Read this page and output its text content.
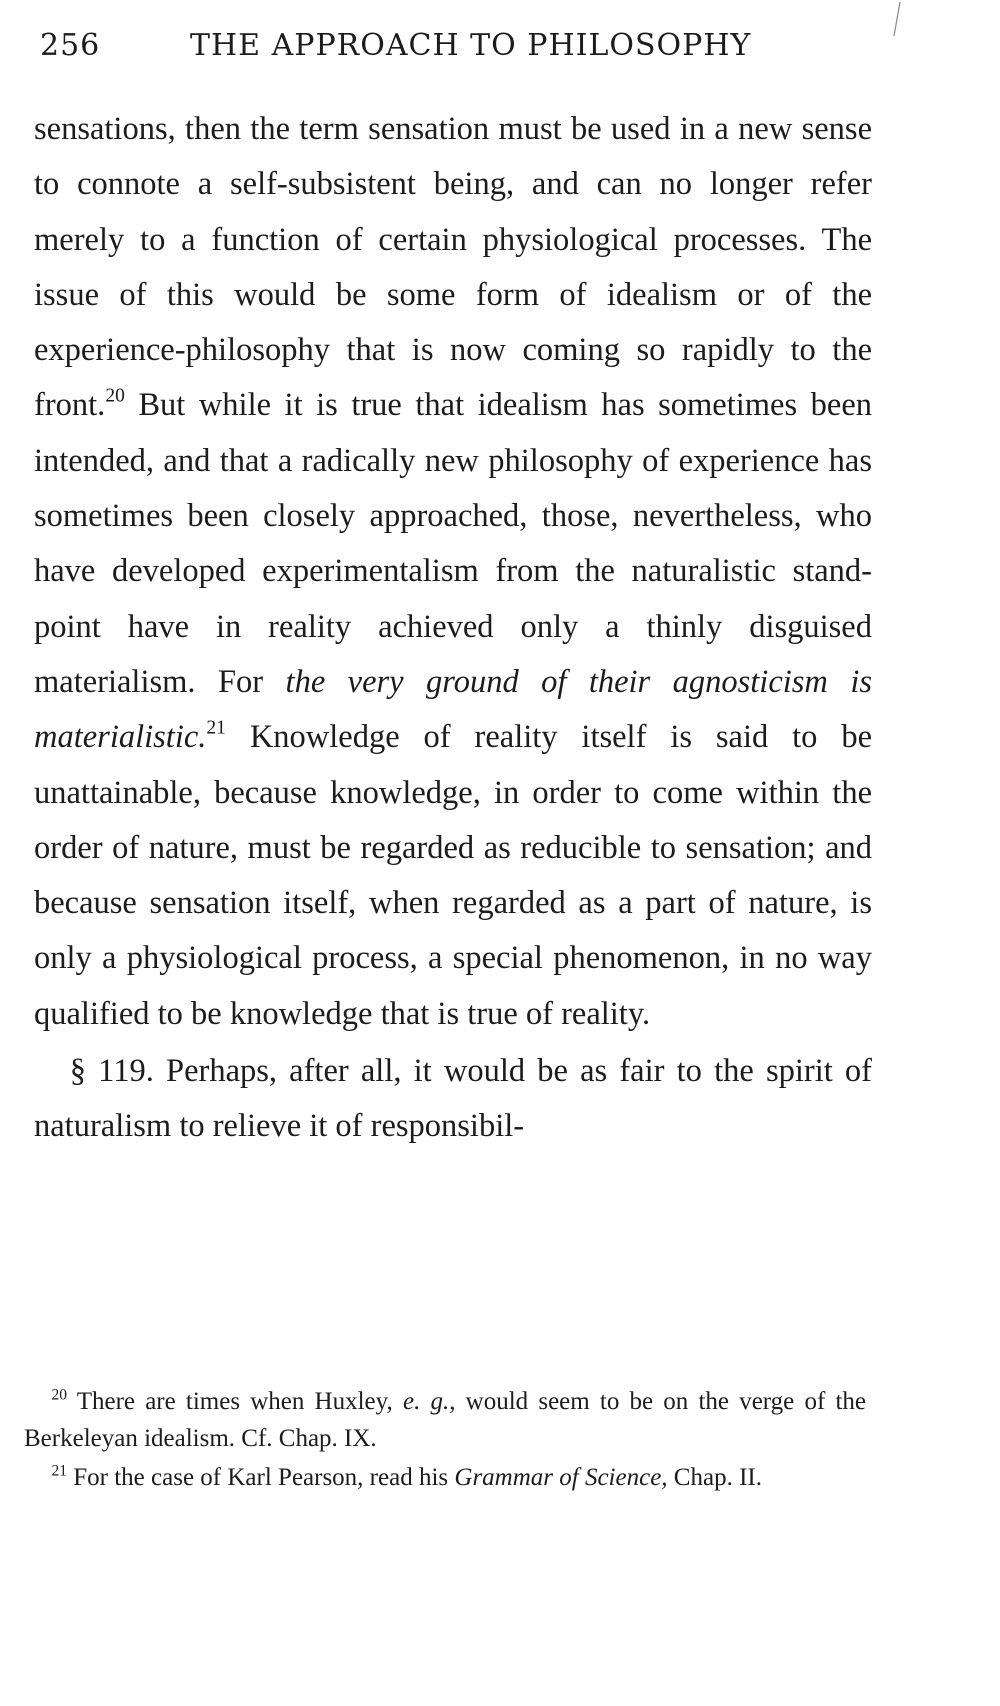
256	THE APPROACH TO PHILOSOPHY

sensations, then the term sensation must be used in a new sense to connote a self-subsistent being, and can no longer refer merely to a function of certain physiological processes. The issue of this would be some form of idealism or of the experience-philosophy that is now coming so rapidly to the front.$^{20}$ But while it is true that idealism has sometimes been intended, and that a radically new philosophy of experience has sometimes been closely approached, those, nevertheless, who have developed experimentalism from the naturalistic stand-point have in reality achieved only a thinly disguised materialism. For the very ground of their agnosticism is materialistic.$^{21}$ Knowledge of reality itself is said to be unattainable, because knowledge, in order to come within the order of nature, must be regarded as reducible to sensation; and because sensation itself, when regarded as a part of nature, is only a physiological process, a special phenomenon, in no way qualified to be knowledge that is true of reality.

§ 119. Perhaps, after all, it would be as fair to the spirit of naturalism to relieve it of responsibil-

$^{20}$ There are times when Huxley, e. g., would seem to be on the verge of the Berkeleyan idealism. Cf. Chap. IX.

$^{21}$ For the case of Karl Pearson, read his Grammar of Science, Chap. II.
